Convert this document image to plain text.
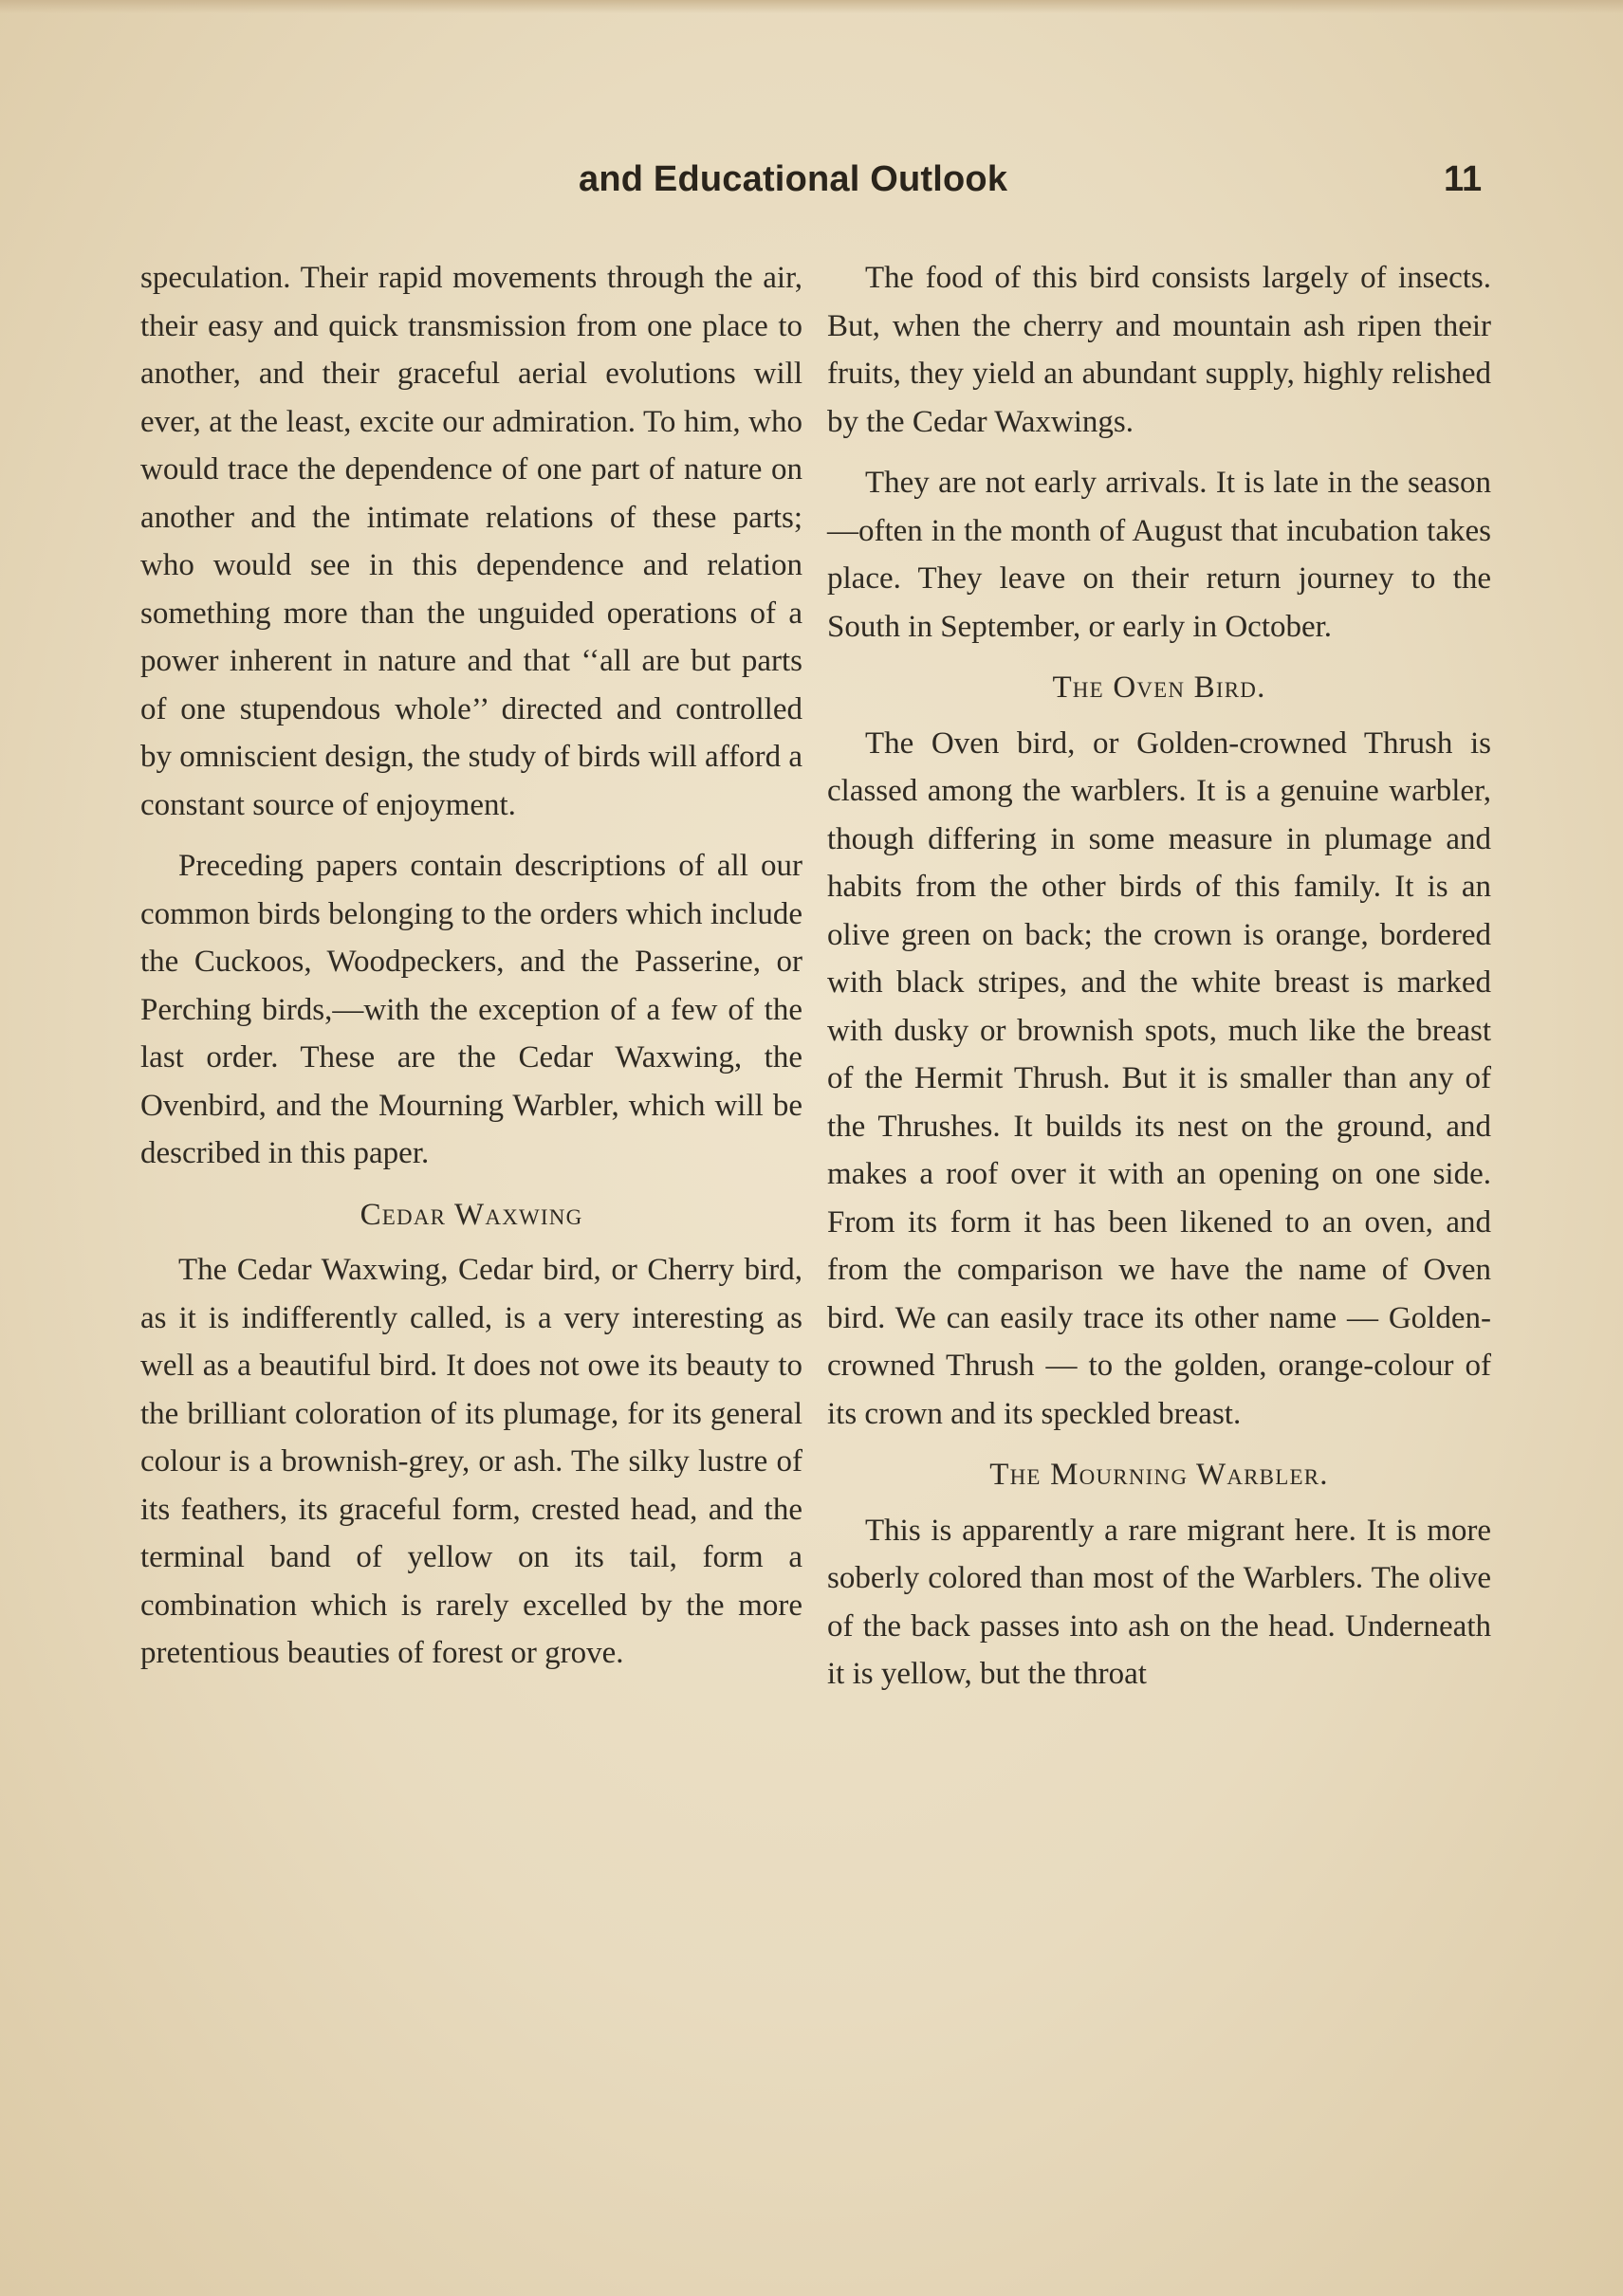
and Educational Outlook	11

speculation. Their rapid movements through the air, their easy and quick transmission from one place to another, and their graceful aerial evolutions will ever, at the least, excite our admiration. To him, who would trace the dependence of one part of nature on another and the intimate relations of these parts; who would see in this dependence and relation something more than the unguided operations of a power inherent in nature and that ‘‘all are but parts of one stupendous whole’’ directed and controlled by omniscient design, the study of birds will afford a constant source of enjoyment.

Preceding papers contain descriptions of all our common birds belonging to the orders which include the Cuckoos, Woodpeckers, and the Passerine, or Perching birds,—with the exception of a few of the last order. These are the Cedar Waxwing, the Ovenbird, and the Mourning Warbler, which will be described in this paper.

Cedar Waxwing

The Cedar Waxwing, Cedar bird, or Cherry bird, as it is indifferently called, is a very interesting as well as a beautiful bird. It does not owe its beauty to the brilliant coloration of its plumage, for its general colour is a brownish-grey, or ash. The silky lustre of its feathers, its graceful form, crested head, and the terminal band of yellow on its tail, form a combination which is rarely excelled by the more pretentious beauties of forest or grove.

The food of this bird consists largely of insects. But, when the cherry and mountain ash ripen their fruits, they yield an abundant supply, highly relished by the Cedar Waxwings.

They are not early arrivals. It is late in the season—often in the month of August that incubation takes place. They leave on their return journey to the South in September, or early in October.

The Oven Bird.

The Oven bird, or Golden-crowned Thrush is classed among the warblers. It is a genuine warbler, though differing in some measure in plumage and habits from the other birds of this family. It is an olive green on back; the crown is orange, bordered with black stripes, and the white breast is marked with dusky or brownish spots, much like the breast of the Hermit Thrush. But it is smaller than any of the Thrushes. It builds its nest on the ground, and makes a roof over it with an opening on one side. From its form it has been likened to an oven, and from the comparison we have the name of Oven bird. We can easily trace its other name — Golden-crowned Thrush — to the golden, orange-colour of its crown and its speckled breast.

The Mourning Warbler.

This is apparently a rare migrant here. It is more soberly colored than most of the Warblers. The olive of the back passes into ash on the head. Underneath it is yellow, but the throat
